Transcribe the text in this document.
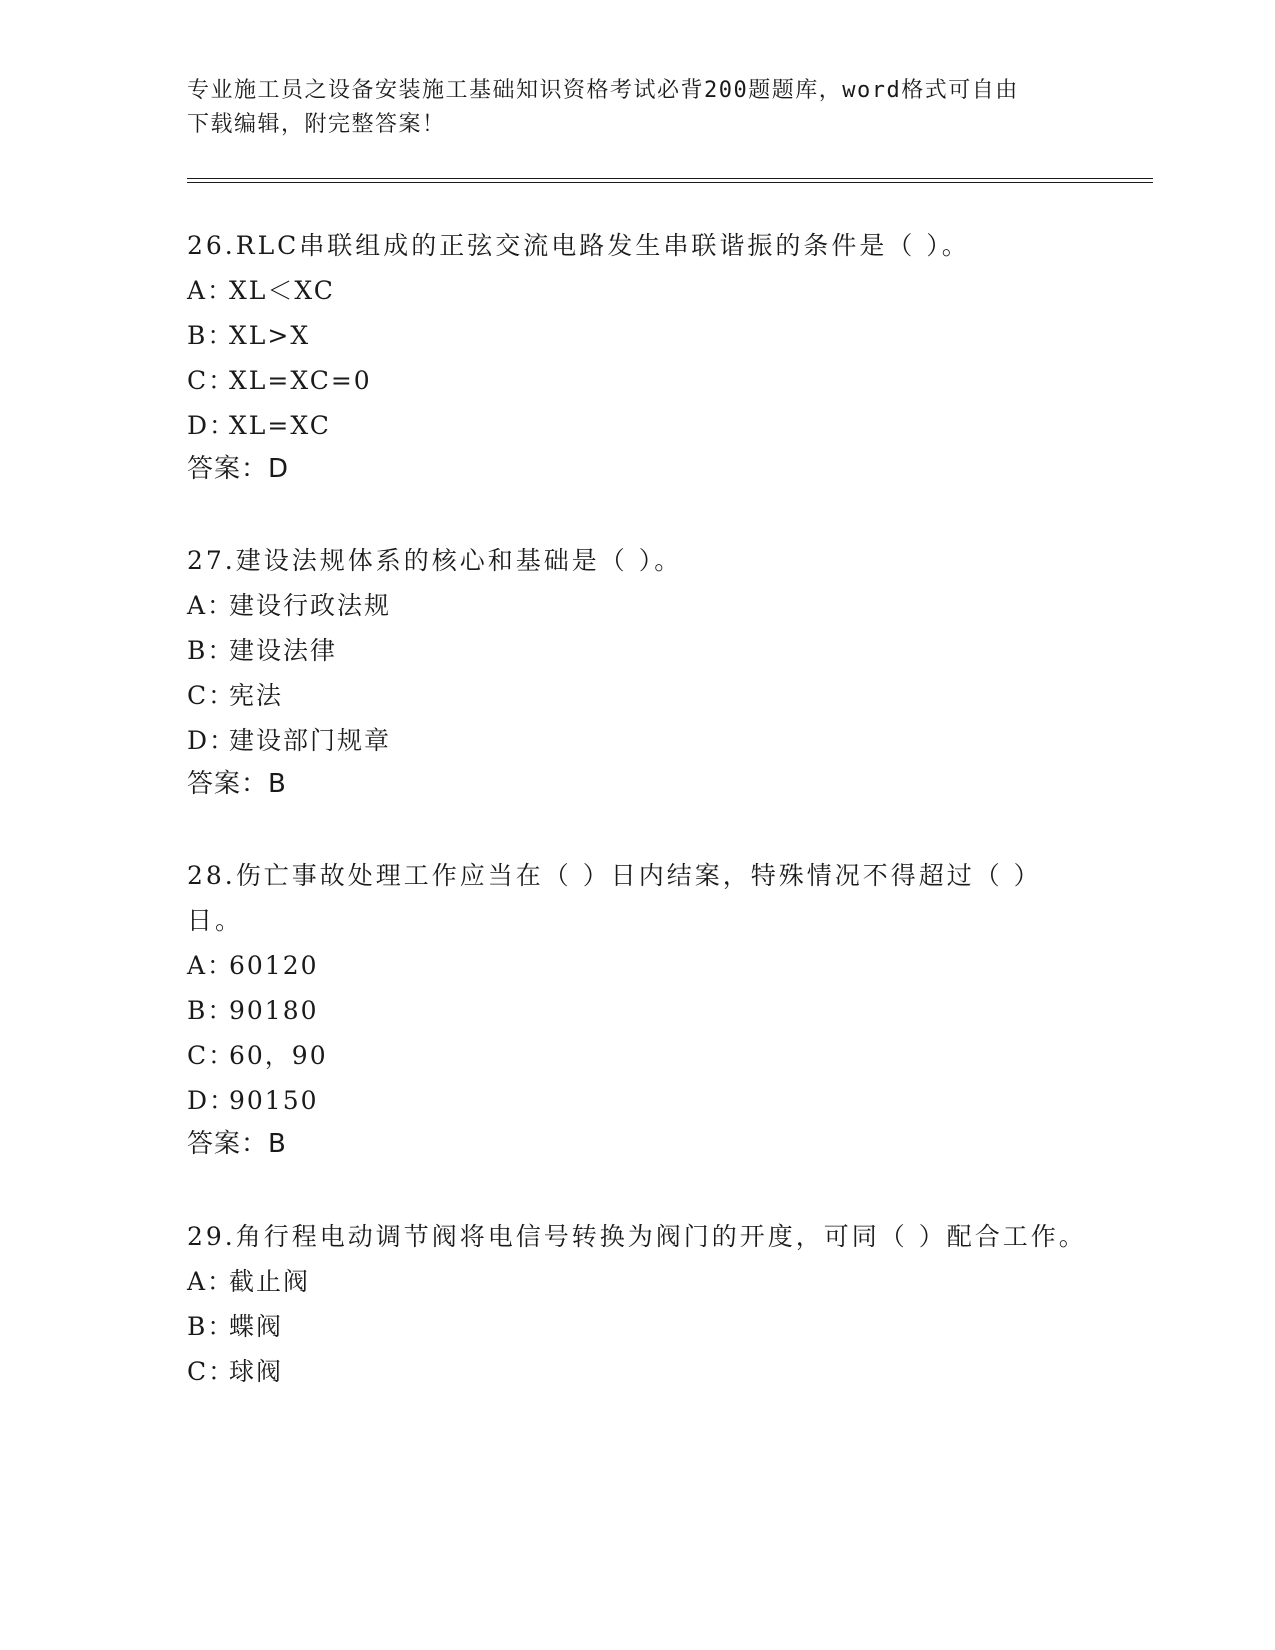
专业施工员之设备安装施工基础知识资格考试必背200题题库，word格式可自由
下载编辑，附完整答案！

26.RLC串联组成的正弦交流电路发生串联谐振的条件是（ ）。

A：XL＜XC

B：XL>X

C：XL=XC=0

D：XL=XC

答案：D

27.建设法规体系的核心和基础是（ ）。

A：建设行政法规

B：建设法律

C：宪法

D：建设部门规章

答案：B

28.伤亡事故处理工作应当在（ ）日内结案，特殊情况不得超过（ ）日。

A：60120

B：90180

C：60，90

D：90150

答案：B

29.角行程电动调节阀将电信号转换为阀门的开度，可同（ ）配合工作。

A：截止阀

B：蝶阀

C：球阀
